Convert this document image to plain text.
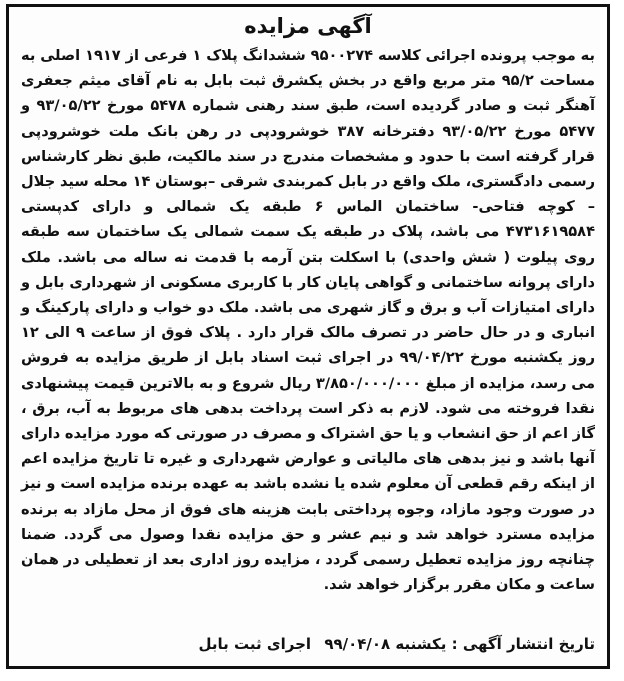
آگهی مزایده

به موجب پرونده اجرائی کلاسه ۹۵۰۰۲۷۴ ششدانگ پلاک ۱ فرعی از ۱۹۱۷ اصلی به مساحت ۹۵/۲ متر مربع واقع در بخش یکشرق ثبت بابل به نام آقای میثم جعفری آهنگر ثبت و صادر گردیده است، طبق سند رهنی شماره ۵۴۷۸ مورخ ۹۳/۰۵/۲۲ و ۵۴۷۷ مورخ ۹۳/۰۵/۲۲ دفترخانه ۳۸۷ خوشرودپی در رهن بانک ملت خوشرودپی قرار گرفته است با حدود و مشخصات مندرج در سند مالکیت، طبق نظر کارشناس رسمی دادگستری، ملک واقع در بابل کمربندی شرقی –بوستان ۱۴ محله سید جلال – کوچه فتاحی- ساختمان الماس ۶ طبقه یک شمالی و دارای کدپستی ۴۷۳۱۶۱۹۵۸۴ می باشد، پلاک در طبقه یک سمت شمالی یک ساختمان سه طبقه روی پیلوت ( شش واحدی) با اسکلت بتن آرمه با قدمت نه ساله می باشد. ملک دارای پروانه ساختمانی و گواهی پایان کار با کاربری مسکونی از شهرداری بابل و دارای امتیازات آب و برق و گاز شهری می باشد. ملک دو خواب و دارای پارکینگ و انباری و در حال حاضر در تصرف مالک قرار دارد . پلاک فوق از ساعت ۹ الی ۱۲ روز یکشنبه مورخ ۹۹/۰۴/۲۲ در اجرای ثبت اسناد بابل از طریق مزایده به فروش می رسد، مزایده از مبلغ ۳/۸۵۰/۰۰۰/۰۰۰ ریال شروع و به بالاترین قیمت پیشنهادی نقدا فروخته می شود. لازم به ذکر است پرداخت بدهی های مربوط به آب، برق ، گاز اعم از حق انشعاب و یا حق اشتراک و مصرف در صورتی که مورد مزایده دارای آنها باشد و نیز بدهی های مالیاتی و عوارض شهرداری و غیره تا تاریخ مزایده اعم از اینکه رقم قطعی آن معلوم شده یا نشده باشد به عهده برنده مزایده است و نیز در صورت وجود مازاد، وجوه پرداختی بابت هزینه های فوق از محل مازاد به برنده مزایده مسترد خواهد شد و نیم عشر و حق مزایده نقدا وصول می گردد. ضمنا چنانچه روز مزایده تعطیل رسمی گردد ، مزایده روز اداری بعد از تعطیلی در همان ساعت و مکان مقرر برگزار خواهد شد.

تاریخ انتشار آگهی : یکشنبه ۹۹/۰۴/۰۸ اجرای ثبت بابل
